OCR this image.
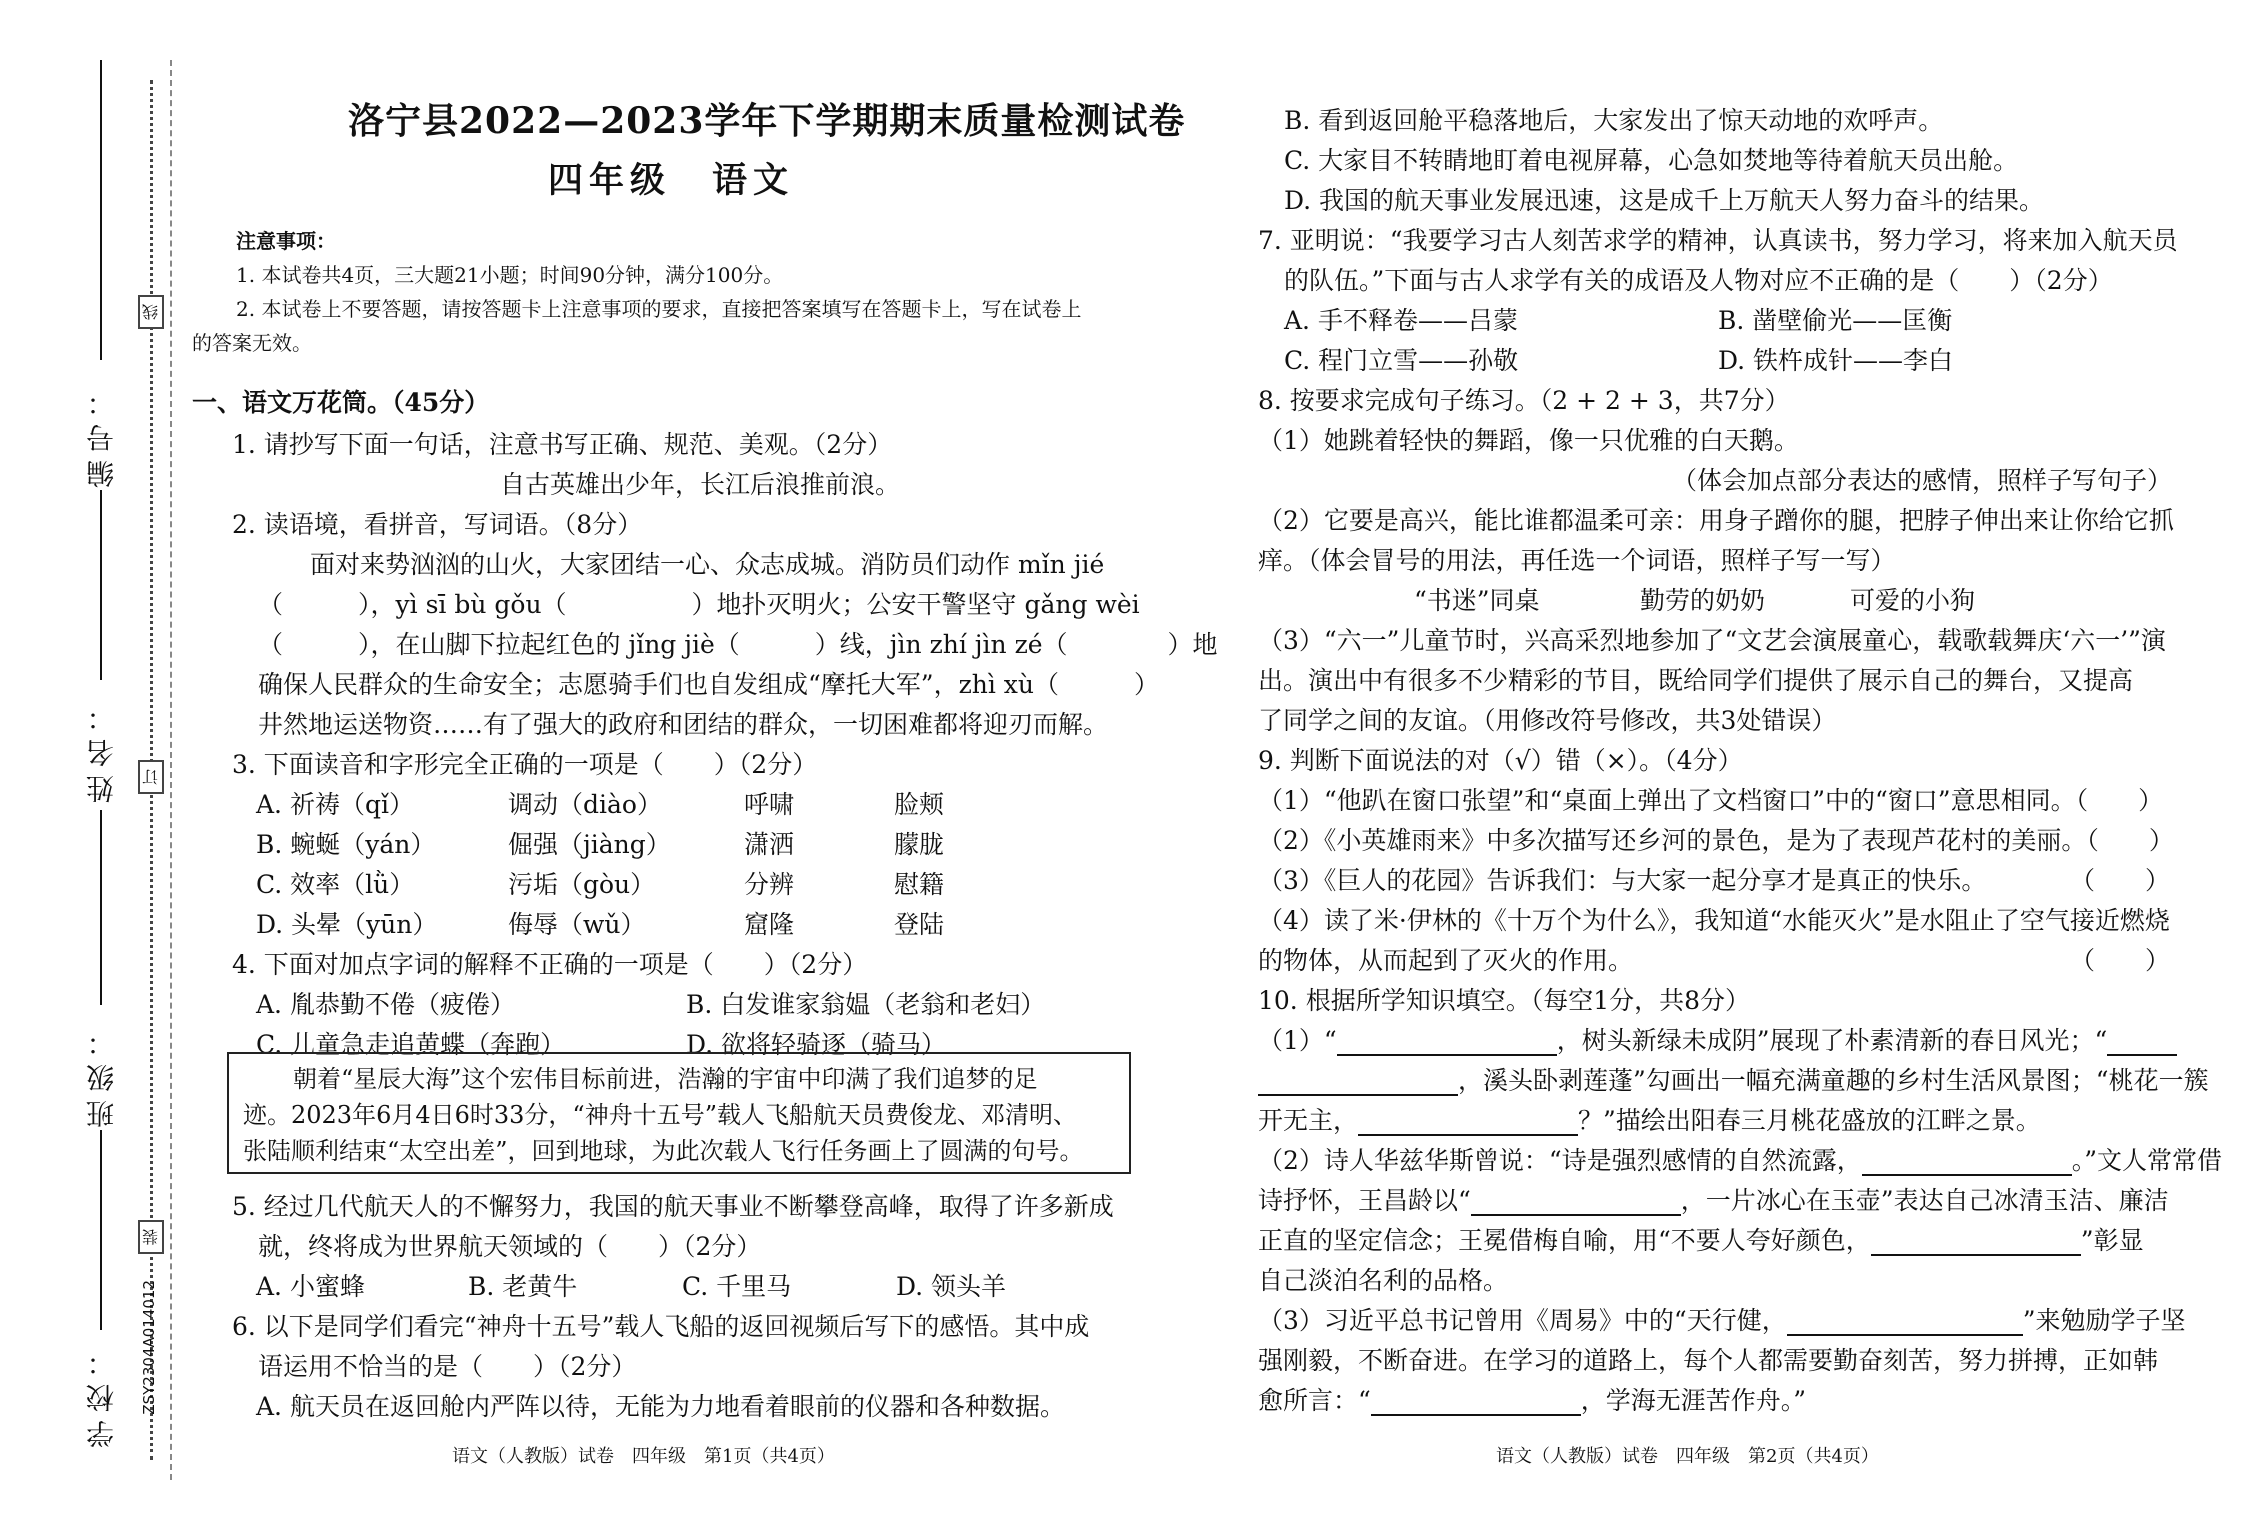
编号：
姓名：
班级：
学校：
线
订
装
ZSY2304A014012
洛宁县2022—2023学年下学期期末质量检测试卷
四年级　语文
注意事项：
1. 本试卷共4页，三大题21小题；时间90分钟，满分100分。
2. 本试卷上不要答题，请按答题卡上注意事项的要求，直接把答案填写在答题卡上，写在试卷上
的答案无效。
一、语文万花筒。（45分）
1. 请抄写下面一句话，注意书写正确、规范、美观。（2分）
自古英雄出少年，长江后浪推前浪。
2. 读语境，看拼音，写词语。（8分）
面对来势汹汹的山火，大家团结一心、众志成城。消防员们动作 mǐn jié
（　　　），yì sī bù gǒu（　　　　　）地扑灭明火；公安干警坚守 gǎng wèi
（　　　），在山脚下拉起红色的 jǐng jiè（　　　）线，jìn zhí jìn zé（　　　　）地
确保人民群众的生命安全；志愿骑手们也自发组成“摩托大军”，zhì xù（　　　）
井然地运送物资……有了强大的政府和团结的群众，一切困难都将迎刃而解。
3. 下面读音和字形完全正确的一项是（　　）（2分）
A. 祈祷（qǐ）	调动（diào）	呼啸	脸颊
B. 蜿蜒（yán）	倔强（jiàng）	潇洒	朦胧
C. 效率（lǜ）	污垢（gòu）	分辨	慰籍
D. 头晕（yūn）	侮辱（wǔ）	窟隆	登陆
4. 下面对加点字词的解释不正确的一项是（　　）（2分）
A. 胤恭勤不倦（疲倦）	B. 白发谁家翁媪（老翁和老妇）
C. 儿童急走追黄蝶（奔跑）	D. 欲将轻骑逐（骑马）
朝着“星辰大海”这个宏伟目标前进，浩瀚的宇宙中印满了我们追梦的足
迹。2023年6月4日6时33分，“神舟十五号”载人飞船航天员费俊龙、邓清明、
张陆顺利结束“太空出差”，回到地球，为此次载人飞行任务画上了圆满的句号。
5. 经过几代航天人的不懈努力，我国的航天事业不断攀登高峰，取得了许多新成
就，终将成为世界航天领域的（　　）（2分）
A. 小蜜蜂	B. 老黄牛	C. 千里马	D. 领头羊
6. 以下是同学们看完“神舟十五号”载人飞船的返回视频后写下的感悟。其中成
语运用不恰当的是（　　）（2分）
A. 航天员在返回舱内严阵以待，无能为力地看着眼前的仪器和各种数据。
语文（人教版）试卷　四年级　第1页（共4页）
B. 看到返回舱平稳落地后，大家发出了惊天动地的欢呼声。
C. 大家目不转睛地盯着电视屏幕，心急如焚地等待着航天员出舱。
D. 我国的航天事业发展迅速，这是成千上万航天人努力奋斗的结果。
7. 亚明说：“我要学习古人刻苦求学的精神，认真读书，努力学习，将来加入航天员
的队伍。”下面与古人求学有关的成语及人物对应不正确的是（　　）（2分）
A. 手不释卷——吕蒙	B. 凿壁偷光——匡衡
C. 程门立雪——孙敬	D. 铁杵成针——李白
8. 按要求完成句子练习。（2 + 2 + 3，共7分）
（1）她跳着轻快的舞蹈，像一只优雅的白天鹅。
（体会加点部分表达的感情，照样子写句子）
（2）它要是高兴，能比谁都温柔可亲：用身子蹭你的腿，把脖子伸出来让你给它抓
痒。（体会冒号的用法，再任选一个词语，照样子写一写）
“书迷”同桌	勤劳的奶奶	可爱的小狗
（3）“六一”儿童节时，兴高采烈地参加了“文艺会演展童心，载歌载舞庆‘六一’”演
出。演出中有很多不少精彩的节目，既给同学们提供了展示自己的舞台，又提高
了同学之间的友谊。（用修改符号修改，共3处错误）
9. 判断下面说法的对（√）错（×）。（4分）
（1）“他趴在窗口张望”和“桌面上弹出了文档窗口”中的“窗口”意思相同。（　　）
（2）《小英雄雨来》中多次描写还乡河的景色，是为了表现芦花村的美丽。（　　）
（3）《巨人的花园》告诉我们：与大家一起分享才是真正的快乐。	（　　）
（4）读了米·伊林的《十万个为什么》，我知道“水能灭火”是水阻止了空气接近燃烧
的物体，从而起到了灭火的作用。	（　　）
10. 根据所学知识填空。（每空1分，共8分）
（1）“	，树头新绿未成阴”展现了朴素清新的春日风光；“
，溪头卧剥莲蓬”勾画出一幅充满童趣的乡村生活风景图；“桃花一簇
开无主，	？”描绘出阳春三月桃花盛放的江畔之景。
（2）诗人华兹华斯曾说：“诗是强烈感情的自然流露，	。”文人常常借
诗抒怀，王昌龄以“	，一片冰心在玉壶”表达自己冰清玉洁、廉洁
正直的坚定信念；王冕借梅自喻，用“不要人夸好颜色，	”彰显
自己淡泊名利的品格。
（3）习近平总书记曾用《周易》中的“天行健，	”来勉励学子坚
强刚毅，不断奋进。在学习的道路上，每个人都需要勤奋刻苦，努力拼搏，正如韩
愈所言：“	，学海无涯苦作舟。”
语文（人教版）试卷　四年级　第2页（共4页）
